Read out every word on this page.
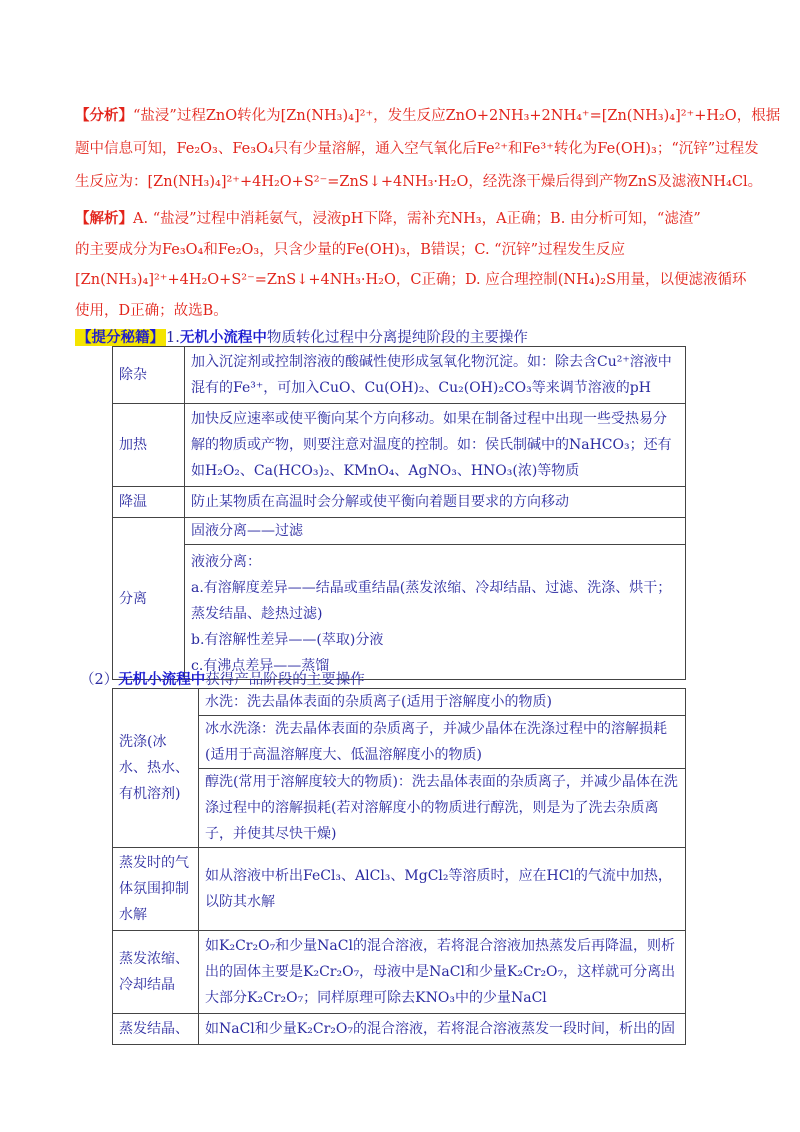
【分析】“盐浸”过程ZnO转化为[Zn(NH₃)₄]²⁺，发生反应ZnO+2NH₃+2NH₄⁺=[Zn(NH₃)₄]²⁺+H₂O，根据
题中信息可知，Fe₂O₃、Fe₃O₄只有少量溶解，通入空气氧化后Fe²⁺和Fe³⁺转化为Fe(OH)₃；“沉锌”过程发
生反应为：[Zn(NH₃)₄]²⁺+4H₂O+S²⁻=ZnS↓+4NH₃·H₂O，经洗涤干燥后得到产物ZnS及滤液NH₄Cl。
【解析】A. “盐浸”过程中消耗氨气，浸液pH下降，需补充NH₃，A正确；B. 由分析可知，“滤渣”
的主要成分为Fe₃O₄和Fe₂O₃，只含少量的Fe(OH)₃，B错误；C. “沉锌”过程发生反应
[Zn(NH₃)₄]²⁺+4H₂O+S²⁻=ZnS↓+4NH₃·H₂O，C正确；D. 应合理控制(NH₄)₂S用量，以便滤液循环
使用，D正确；故选B。
【提分秘籍】 1.无机小流程中物质转化过程中分离提纯阶段的主要操作
除杂	加入沉淀剂或控制溶液的酸碱性使形成氢氧化物沉淀。如：除去含Cu²⁺溶液中混有的Fe³⁺，可加入CuO、Cu(OH)₂、Cu₂(OH)₂CO₃等来调节溶液的pH
加热	加快反应速率或使平衡向某个方向移动。如果在制备过程中出现一些受热易分解的物质或产物，则要注意对温度的控制。如：侯氏制碱中的NaHCO₃；还有如H₂O₂、Ca(HCO₃)₂、KMnO₄、AgNO₃、HNO₃(浓)等物质
降温	防止某物质在高温时会分解或使平衡向着题目要求的方向移动
分离	固液分离——过滤
液液分离：
a.有溶解度差异——结晶或重结晶(蒸发浓缩、冷却结晶、过滤、洗涤、烘干；蒸发结晶、趁热过滤)
b.有溶解性差异——(萃取)分液
c.有沸点差异——蒸馏
（2）无机小流程中获得产品阶段的主要操作
洗涤(冰水、热水、有机溶剂)	水洗：洗去晶体表面的杂质离子(适用于溶解度小的物质)
冰水洗涤：洗去晶体表面的杂质离子，并减少晶体在洗涤过程中的溶解损耗(适用于高温溶解度大、低温溶解度小的物质)
醇洗(常用于溶解度较大的物质)：洗去晶体表面的杂质离子，并减少晶体在洗涤过程中的溶解损耗(若对溶解度小的物质进行醇洗，则是为了洗去杂质离子，并使其尽快干燥)

蒸发时的气体氛围抑制水解	如从溶液中析出FeCl₃、AlCl₃、MgCl₂等溶质时，应在HCl的气流中加热，以防其水解
蒸发浓缩、冷却结晶	如K₂Cr₂O₇和少量NaCl的混合溶液，若将混合溶液加热蒸发后再降温，则析出的固体主要是K₂Cr₂O₇，母液中是NaCl和少量K₂Cr₂O₇，这样就可分离出大部分K₂Cr₂O₇；同样原理可除去KNO₃中的少量NaCl
蒸发结晶、	如NaCl和少量K₂Cr₂O₇的混合溶液，若将混合溶液蒸发一段时间，析出的固
